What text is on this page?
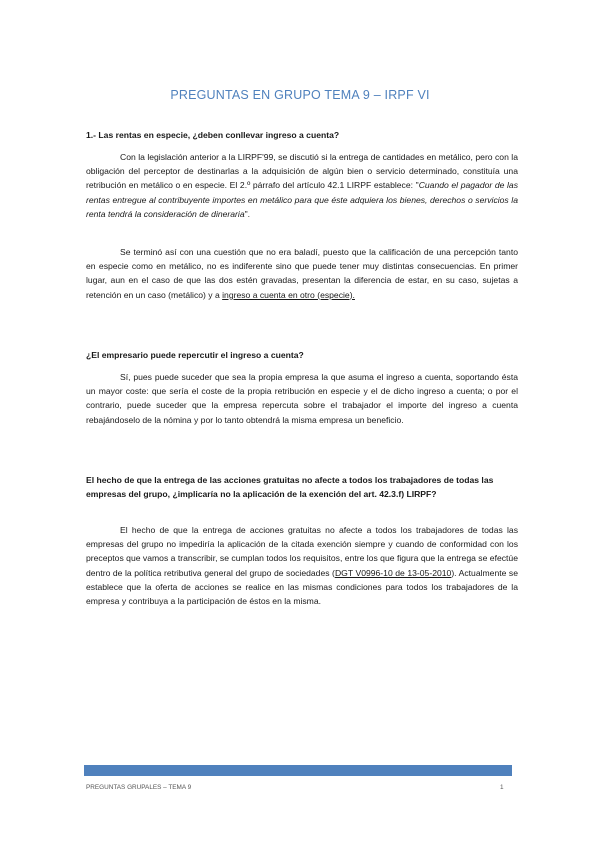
PREGUNTAS EN GRUPO TEMA 9 – IRPF VI
1.- Las rentas en especie, ¿deben conllevar ingreso a cuenta?

Con la legislación anterior a la LIRPF'99, se discutió si la entrega de cantidades en metálico, pero con la obligación del perceptor de destinarlas a la adquisición de algún bien o servicio determinado, constituía una retribución en metálico o en especie. El 2.º párrafo del artículo 42.1 LIRPF establece: "Cuando el pagador de las rentas entregue al contribuyente importes en metálico para que éste adquiera los bienes, derechos o servicios la renta tendrá la consideración de dineraria".

Se terminó así con una cuestión que no era baladí, puesto que la calificación de una percepción tanto en especie como en metálico, no es indiferente sino que puede tener muy distintas consecuencias. En primer lugar, aun en el caso de que las dos estén gravadas, presentan la diferencia de estar, en su caso, sujetas a retención en un caso (metálico) y a ingreso a cuenta en otro (especie).

¿El empresario puede repercutir el ingreso a cuenta?

Sí, pues puede suceder que sea la propia empresa la que asuma el ingreso a cuenta, soportando ésta un mayor coste: que sería el coste de la propia retribución en especie y el de dicho ingreso a cuenta; o por el contrario, puede suceder que la empresa repercuta sobre el trabajador el importe del ingreso a cuenta rebajándoselo de la nómina y por lo tanto obtendrá la misma empresa un beneficio.

El hecho de que la entrega de las acciones gratuitas no afecte a todos los trabajadores de todas las empresas del grupo, ¿implicaría no la aplicación de la exención del art. 42.3.f) LIRPF?

El hecho de que la entrega de acciones gratuitas no afecte a todos los trabajadores de todas las empresas del grupo no impediría la aplicación de la citada exención siempre y cuando de conformidad con los preceptos que vamos a transcribir, se cumplan todos los requisitos, entre los que figura que la entrega se efectúe dentro de la política retributiva general del grupo de sociedades (DGT V0996-10 de 13-05-2010). Actualmente se establece que la oferta de acciones se realice en las mismas condiciones para todos los trabajadores de la empresa y contribuya a la participación de éstos en la misma.

PREGUNTAS GRUPALES – TEMA 9	1
